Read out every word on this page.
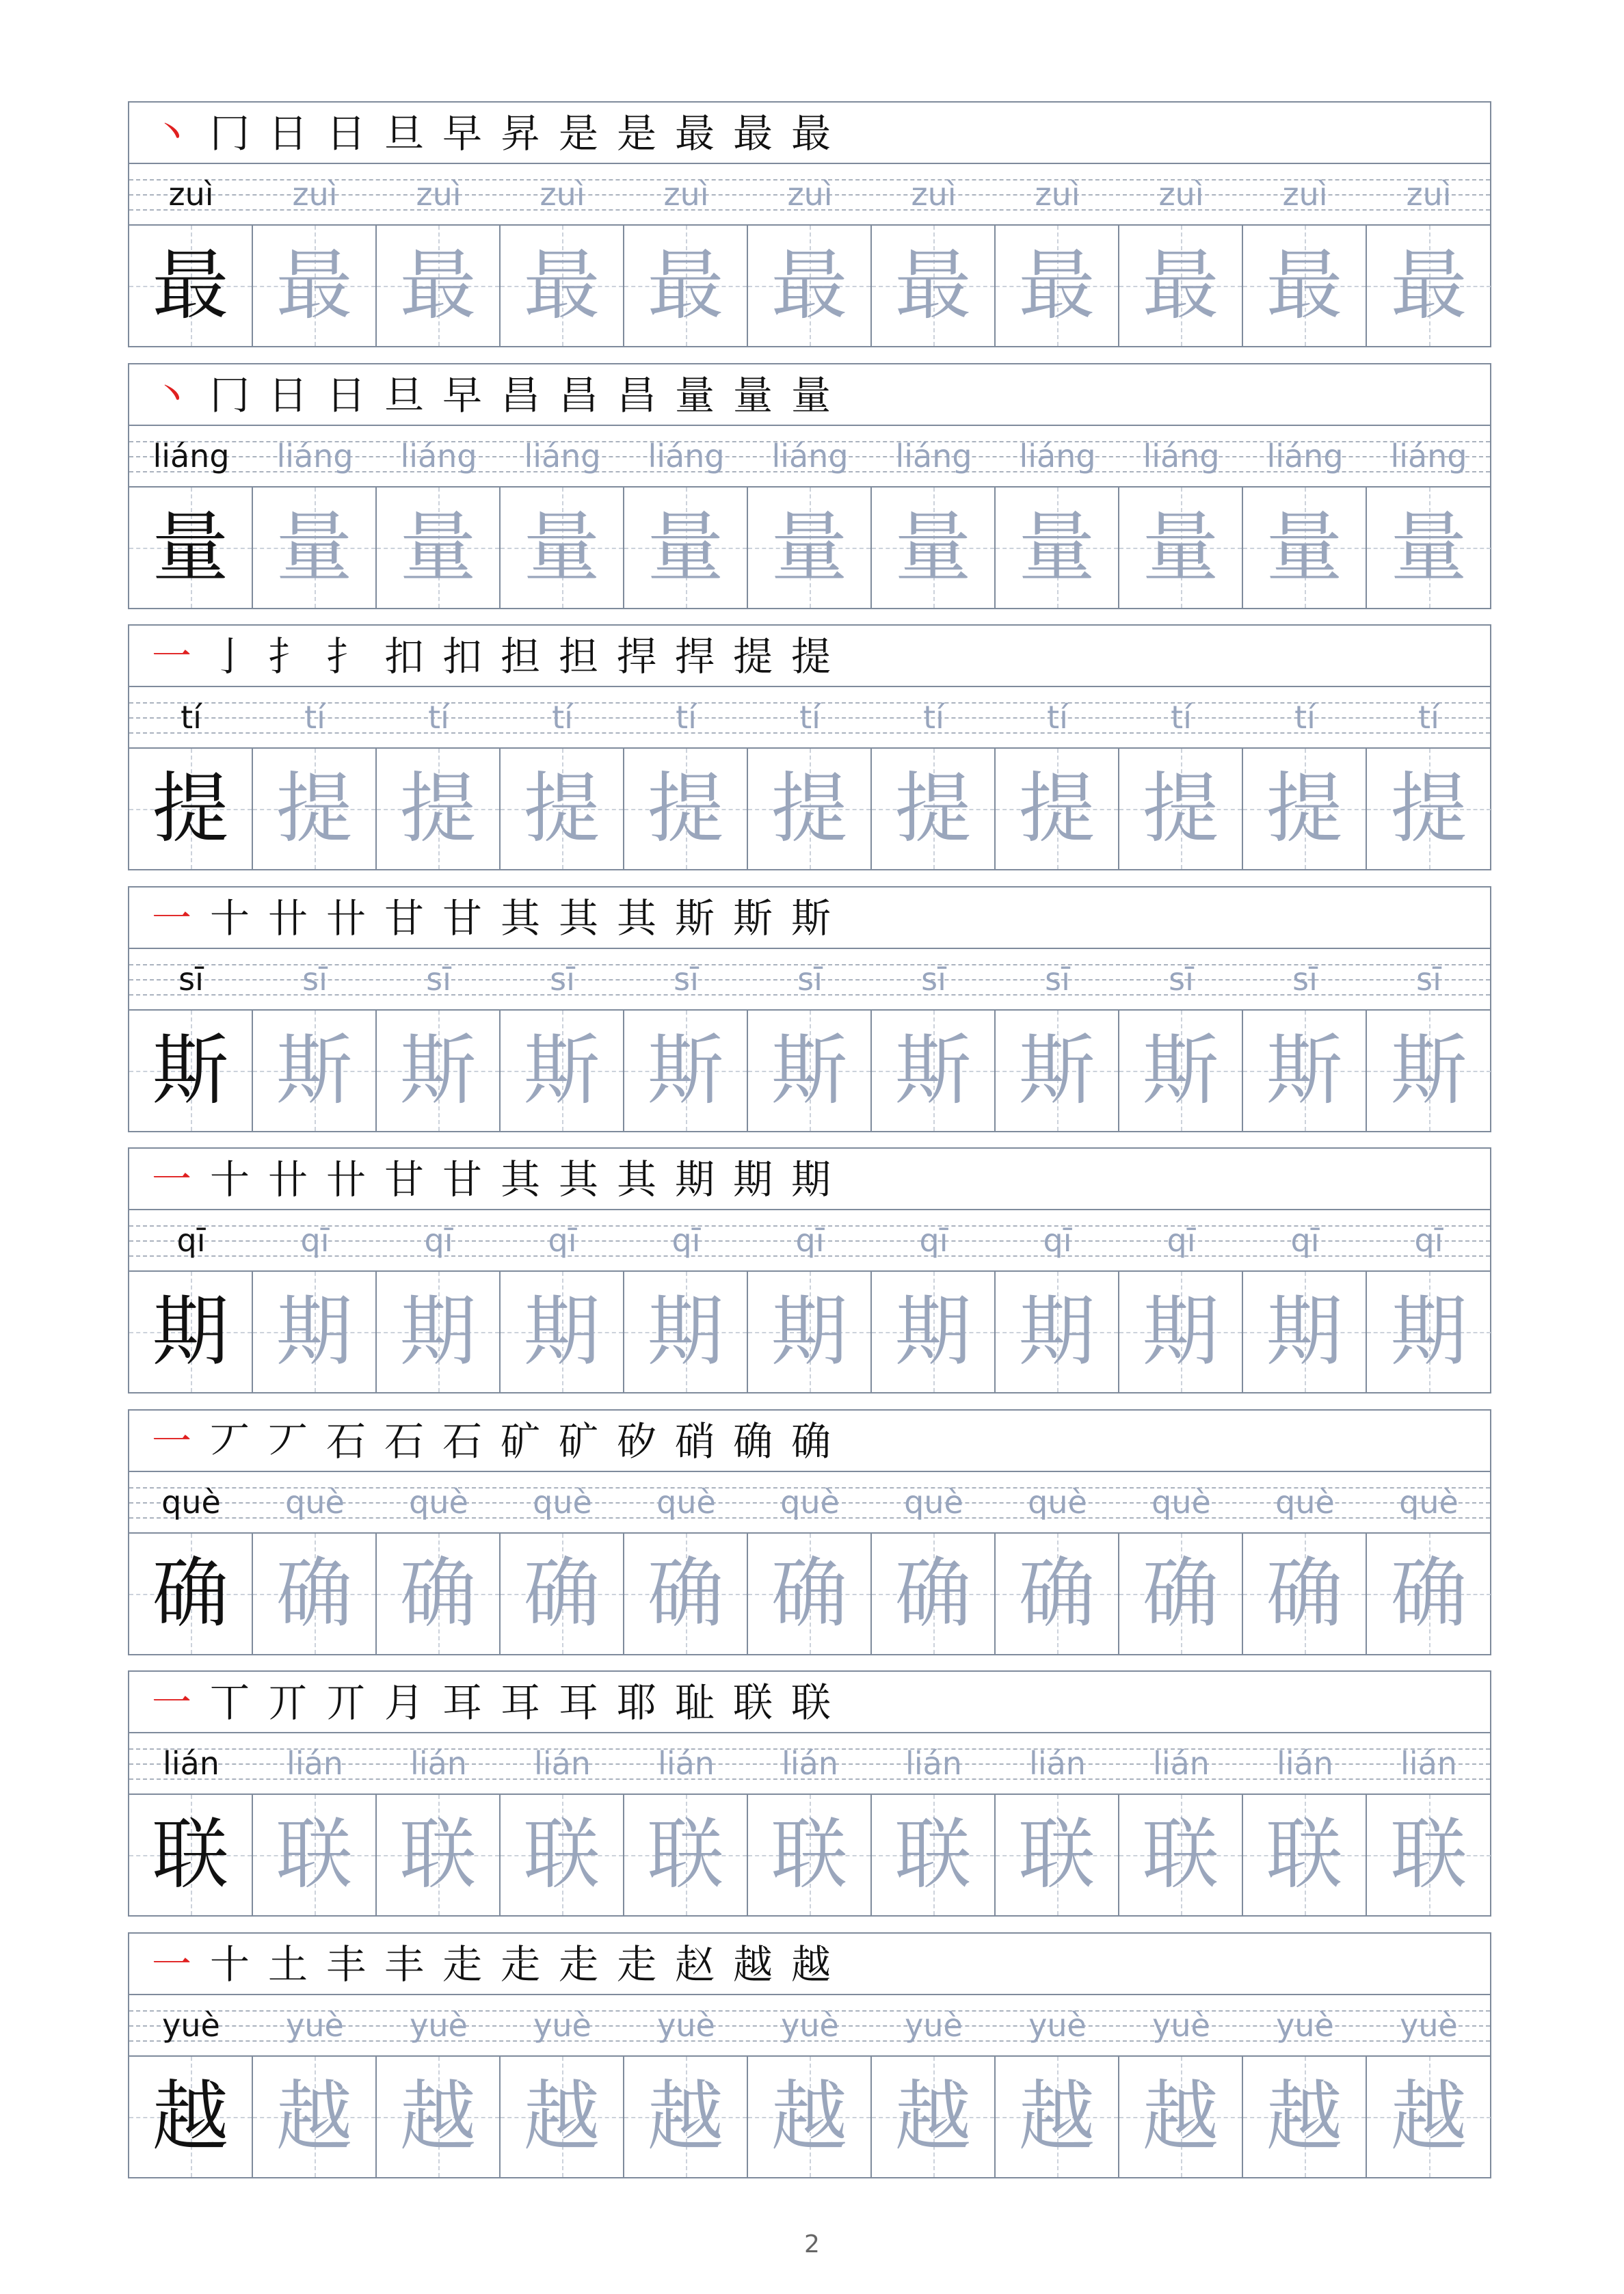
丶 冂 日 日 旦 早 昇 是 是 最 最 最
zuì	zuì	zuì	zuì	zuì	zuì	zuì	zuì	zuì	zuì	zuì
最 最 最 最 最 最 最 最 最 最 最
丶 冂 日 日 旦 早 昌 昌 昌 量 量 量
liáng	liáng	liáng	liáng	liáng	liáng	liáng	liáng	liáng	liáng	liáng
量 量 量 量 量 量 量 量 量 量 量
一 亅 扌 扌 扣 扣 担 担 捍 捍 提 提
tí	tí	tí	tí	tí	tí	tí	tí	tí	tí	tí
提 提 提 提 提 提 提 提 提 提 提
一 十 卄 卄 甘 甘 其 其 其 斯 斯 斯
sī	sī	sī	sī	sī	sī	sī	sī	sī	sī	sī
斯 斯 斯 斯 斯 斯 斯 斯 斯 斯 斯
一 十 卄 卄 甘 甘 其 其 其 期 期 期
qī	qī	qī	qī	qī	qī	qī	qī	qī	qī	qī
期 期 期 期 期 期 期 期 期 期 期
一 丆 丆 石 石 石 矿 矿 矽 硝 确 确
què	què	què	què	què	què	què	què	què	què	què
确 确 确 确 确 确 确 确 确 确 确
一 丅 丌 丌 月 耳 耳 耳 耶 耻 联 联
lián	lián	lián	lián	lián	lián	lián	lián	lián	lián	lián
联 联 联 联 联 联 联 联 联 联 联
一 十 土 丰 丰 走 走 走 走 赵 越 越
yuè	yuè	yuè	yuè	yuè	yuè	yuè	yuè	yuè	yuè	yuè
越 越 越 越 越 越 越 越 越 越 越
2
